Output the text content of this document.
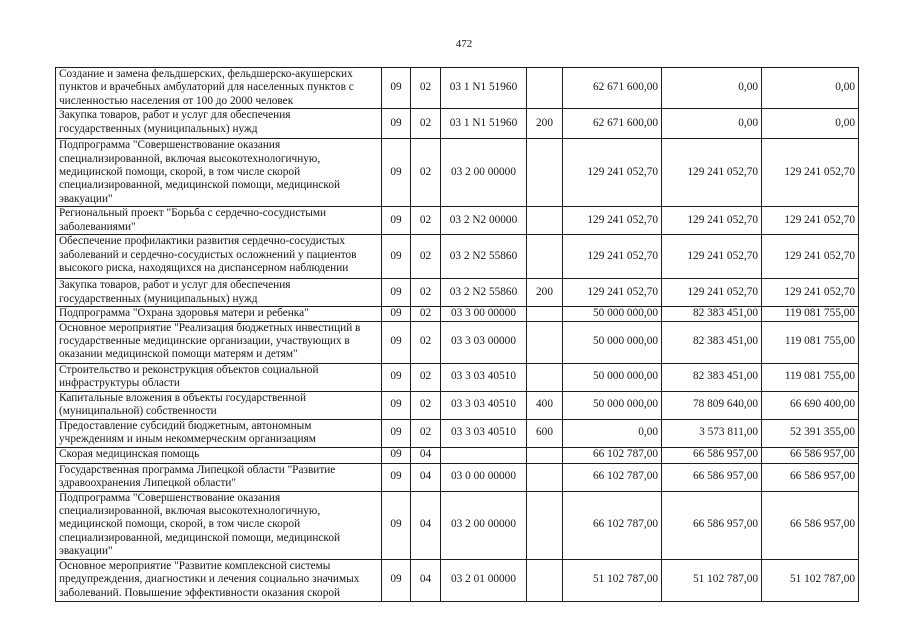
472
Создание и замена фельдшерских, фельдшерско-акушерских
пунктов и врачебных амбулаторий для населенных пунктов с
численностью населения от 100 до 2000 человек	09	02	03 1 N1 51960		62 671 600,00	0,00	0,00
Закупка товаров, работ и услуг для обеспечения
государственных (муниципальных) нужд	09	02	03 1 N1 51960	200	62 671 600,00	0,00	0,00
Подпрограмма "Совершенствование оказания
специализированной, включая высокотехнологичную,
медицинской помощи, скорой, в том числе скорой
специализированной, медицинской помощи, медицинской
эвакуации"	09	02	03 2 00 00000		129 241 052,70	129 241 052,70	129 241 052,70
Региональный проект "Борьба с сердечно-сосудистыми
заболеваниями"	09	02	03 2 N2 00000		129 241 052,70	129 241 052,70	129 241 052,70
Обеспечение профилактики развития сердечно-сосудистых
заболеваний и сердечно-сосудистых осложнений у пациентов
высокого риска, находящихся на диспансерном наблюдении	09	02	03 2 N2 55860		129 241 052,70	129 241 052,70	129 241 052,70
Закупка товаров, работ и услуг для обеспечения
государственных (муниципальных) нужд	09	02	03 2 N2 55860	200	129 241 052,70	129 241 052,70	129 241 052,70
Подпрограмма "Охрана здоровья матери и ребенка"	09	02	03 3 00 00000		50 000 000,00	82 383 451,00	119 081 755,00
Основное мероприятие "Реализация бюджетных инвестиций в
государственные медицинские организации, участвующих в
оказании медицинской помощи матерям и детям"	09	02	03 3 03 00000		50 000 000,00	82 383 451,00	119 081 755,00
Строительство и реконструкция объектов социальной
инфраструктуры области	09	02	03 3 03 40510		50 000 000,00	82 383 451,00	119 081 755,00
Капитальные вложения в объекты государственной
(муниципальной) собственности	09	02	03 3 03 40510	400	50 000 000,00	78 809 640,00	66 690 400,00
Предоставление субсидий бюджетным, автономным
учреждениям и иным некоммерческим организациям	09	02	03 3 03 40510	600	0,00	3 573 811,00	52 391 355,00
Скорая медицинская помощь	09	04			66 102 787,00	66 586 957,00	66 586 957,00
Государственная программа Липецкой области "Развитие
здравоохранения Липецкой области"	09	04	03 0 00 00000		66 102 787,00	66 586 957,00	66 586 957,00
Подпрограмма "Совершенствование оказания
специализированной, включая высокотехнологичную,
медицинской помощи, скорой, в том числе скорой
специализированной, медицинской помощи, медицинской
эвакуации"	09	04	03 2 00 00000		66 102 787,00	66 586 957,00	66 586 957,00
Основное мероприятие "Развитие комплексной системы
предупреждения, диагностики и лечения социально значимых
заболеваний. Повышение эффективности оказания скорой	09	04	03 2 01 00000		51 102 787,00	51 102 787,00	51 102 787,00
